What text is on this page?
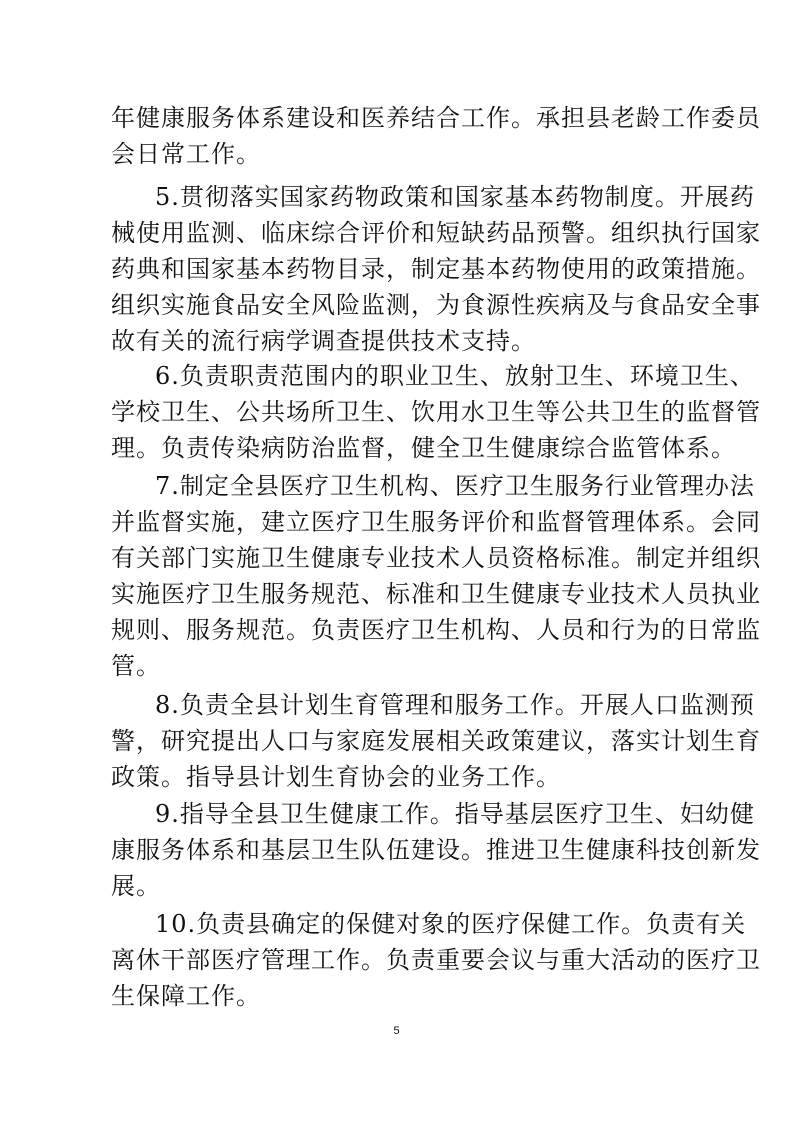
年健康服务体系建设和医养结合工作。承担县老龄工作委员
会日常工作。
5.贯彻落实国家药物政策和国家基本药物制度。开展药
械使用监测、临床综合评价和短缺药品预警。组织执行国家
药典和国家基本药物目录，制定基本药物使用的政策措施。
组织实施食品安全风险监测，为食源性疾病及与食品安全事
故有关的流行病学调查提供技术支持。
6.负责职责范围内的职业卫生、放射卫生、环境卫生、
学校卫生、公共场所卫生、饮用水卫生等公共卫生的监督管
理。负责传染病防治监督，健全卫生健康综合监管体系。
7.制定全县医疗卫生机构、医疗卫生服务行业管理办法
并监督实施，建立医疗卫生服务评价和监督管理体系。会同
有关部门实施卫生健康专业技术人员资格标准。制定并组织
实施医疗卫生服务规范、标准和卫生健康专业技术人员执业
规则、服务规范。负责医疗卫生机构、人员和行为的日常监
管。
8.负责全县计划生育管理和服务工作。开展人口监测预
警，研究提出人口与家庭发展相关政策建议，落实计划生育
政策。指导县计划生育协会的业务工作。
9.指导全县卫生健康工作。指导基层医疗卫生、妇幼健
康服务体系和基层卫生队伍建设。推进卫生健康科技创新发
展。
10.负责县确定的保健对象的医疗保健工作。负责有关
离休干部医疗管理工作。负责重要会议与重大活动的医疗卫
生保障工作。
5
